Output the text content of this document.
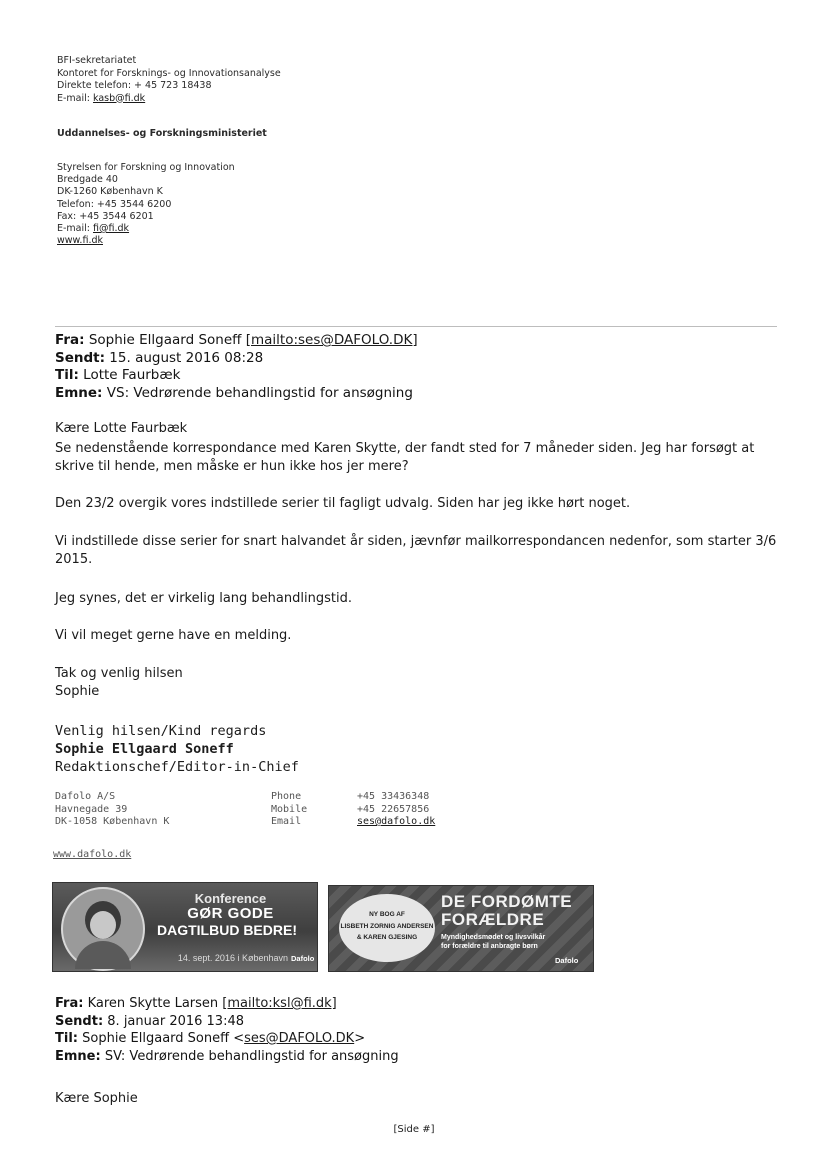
BFI-sekretariatet
Kontoret for Forsknings- og Innovationsanalyse
Direkte telefon: + 45 723 18438
E-mail: kasb@fi.dk
Uddannelses- og Forskningsministeriet
Styrelsen for Forskning og Innovation
Bredgade 40
DK-1260 København K
Telefon: +45 3544 6200
Fax: +45 3544 6201
E-mail: fi@fi.dk
www.fi.dk
Fra: Sophie Ellgaard Soneff [mailto:ses@DAFOLO.DK]
Sendt: 15. august 2016 08:28
Til: Lotte Faurbæk
Emne: VS: Vedrørende behandlingstid for ansøgning

Kære Lotte Faurbæk

Se nedenstående korrespondance med Karen Skytte, der fandt sted for 7 måneder siden. Jeg har forsøgt at skrive til hende, men måske er hun ikke hos jer mere?

Den 23/2 overgik vores indstillede serier til fagligt udvalg. Siden har jeg ikke hørt noget.

Vi indstillede disse serier for snart halvandet år siden, jævnfør mailkorrespondancen nedenfor, som starter 3/6 2015.

Jeg synes, det er virkelig lang behandlingstid.

Vi vil meget gerne have en melding.

Tak og venlig hilsen

Sophie

Venlig hilsen/Kind regards
Sophie Ellgaard Soneff
Redaktionschef/Editor-in-Chief
Dafolo A/S
Havnegade 39
DK-1058 København K
Phone
Mobile
Email
+45 33436348
+45 22657856
ses@dafolo.dk
www.dafolo.dk
Konference
GØR GODE
DAGTILBUD BEDRE!
14. sept. 2016 i København Dafolo
NY BOG AF
LISBETH ZORNIG ANDERSEN
& KAREN GJESING
DE FORDØMTE
FORÆLDRE
Myndighedsmødet og livsvilkår
for forældre til anbragte børn
Dafolo
Fra: Karen Skytte Larsen [mailto:ksl@fi.dk]
Sendt: 8. januar 2016 13:48
Til: Sophie Ellgaard Soneff <ses@DAFOLO.DK>
Emne: SV: Vedrørende behandlingstid for ansøgning

Kære Sophie

[Side #]
